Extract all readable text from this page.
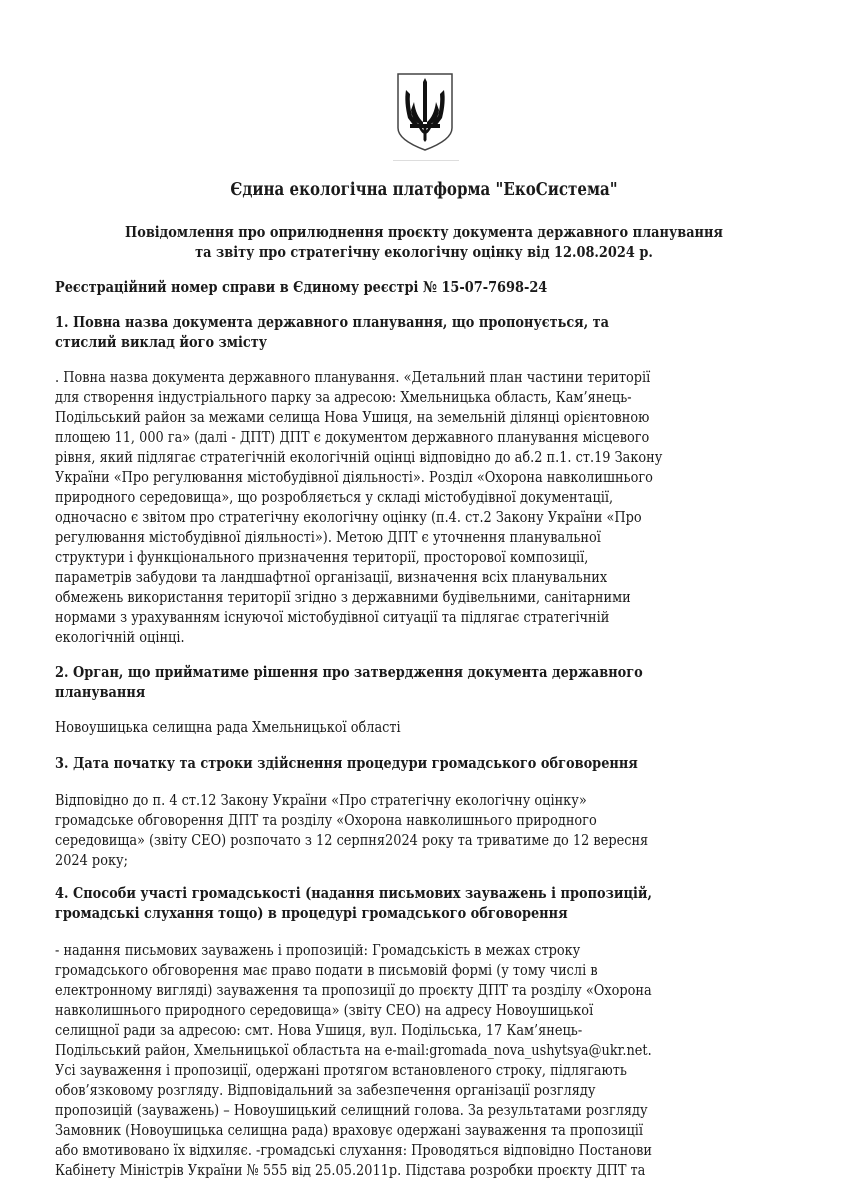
Єдина екологічна платформа "ЕкоСистема"
Повідомлення про оприлюднення проєкту документа державного планування
та звіту про стратегічну екологічну оцінку від 12.08.2024 р.
Реєстраційний номер справи в Єдиному реєстрі № 15-07-7698-24
1. Повна назва документа державного планування, що пропонується, та
стислий виклад його змісту
. Повна назва документа державного планування. «Детальний план частини території
для створення індустріального парку за адресою: Хмельницька область, Кам’янець-
Подільський район за межами селища Нова Ушиця, на земельній ділянці орієнтовною
площею 11, 000 га» (далі - ДПТ) ДПТ є документом державного планування місцевого
рівня, який підлягає стратегічній екологічній оцінці відповідно до аб.2 п.1. ст.19 Закону
України «Про регулювання містобудівної діяльності». Розділ «Охорона навколишнього
природного середовища», що розробляється у складі містобудівної документації,
одночасно є звітом про стратегічну екологічну оцінку (п.4. ст.2 Закону України «Про
регулювання містобудівної діяльності»). Метою ДПТ є уточнення планувальної
структури і функціонального призначення території, просторової композиції,
параметрів забудови та ландшафтної організації, визначення всіх планувальних
обмежень використання території згідно з державними будівельними, санітарними
нормами з урахуванням існуючої містобудівної ситуації та підлягає стратегічній
екологічній оцінці.
2. Орган, що прийматиме рішення про затвердження документа державного
планування
Новоушицька селищна рада Хмельницької області
3. Дата початку та строки здійснення процедури громадського обговорення
Відповідно до п. 4 ст.12 Закону України «Про стратегічну екологічну оцінку»
громадське обговорення ДПТ та розділу «Охорона навколишнього природного
середовища» (звіту СЕО) розпочато з 12 серпня2024 року та триватиме до 12 вересня
2024 року;
4. Способи участі громадськості (надання письмових зауважень і пропозицій,
громадські слухання тощо) в процедурі громадського обговорення
- надання письмових зауважень і пропозицій: Громадськість в межах строку
громадського обговорення має право подати в письмовій формі (у тому числі в
електронному вигляді) зауваження та пропозиції до проєкту ДПТ та розділу «Охорона
навколишнього природного середовища» (звіту СЕО) на адресу Новоушицької
селищної ради за адресою: смт. Нова Ушиця, вул. Подільська, 17 Кам’янець-
Подільський район, Хмельницької областьта на e-mail:gromada_nova_ushytsya@ukr.net.
Усі зауваження і пропозиції, одержані протягом встановленого строку, підлягають
обов’язковому розгляду. Відповідальний за забезпечення організації розгляду
пропозицій (зауважень) – Новоушицький селищний голова. За результатами розгляду
Замовник (Новоушицька селищна рада) враховує одержані зауваження та пропозиції
або вмотивовано їх відхиляє. -громадські слухання: Проводяться відповідно Постанови
Кабінету Міністрів України № 555 від 25.05.2011р. Підстава розробки проєкту ДПТ та
